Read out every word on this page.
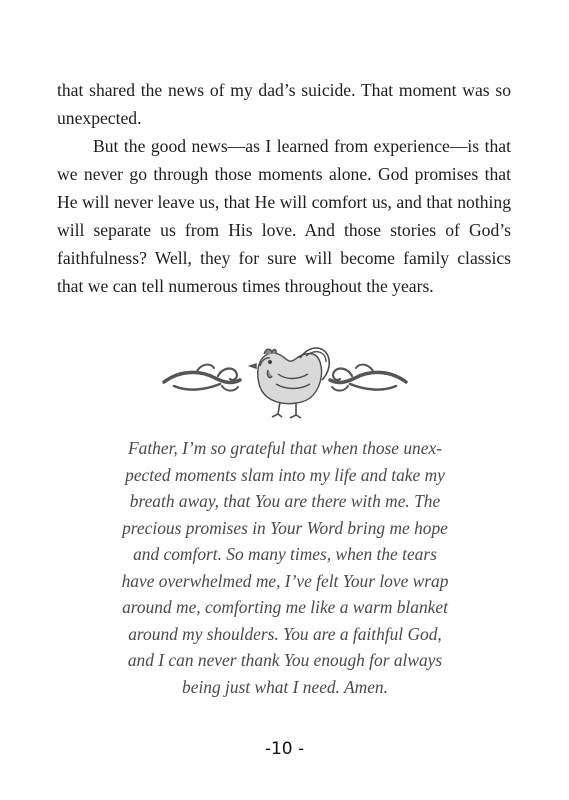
that shared the news of my dad’s suicide. That moment was so unexpected.

But the good news—as I learned from experience—is that we never go through those moments alone. God promises that He will never leave us, that He will comfort us, and that nothing will separate us from His love. And those stories of God’s faithfulness? Well, they for sure will become family classics that we can tell numerous times throughout the years.

Father, I’m so grateful that when those unex-
pected moments slam into my life and take my
breath away, that You are there with me. The
precious promises in Your Word bring me hope
and comfort. So many times, when the tears
have overwhelmed me, I’ve felt Your love wrap
around me, comforting me like a warm blanket
around my shoulders. You are a faithful God,
and I can never thank You enough for always
being just what I need. Amen.
-10 -
